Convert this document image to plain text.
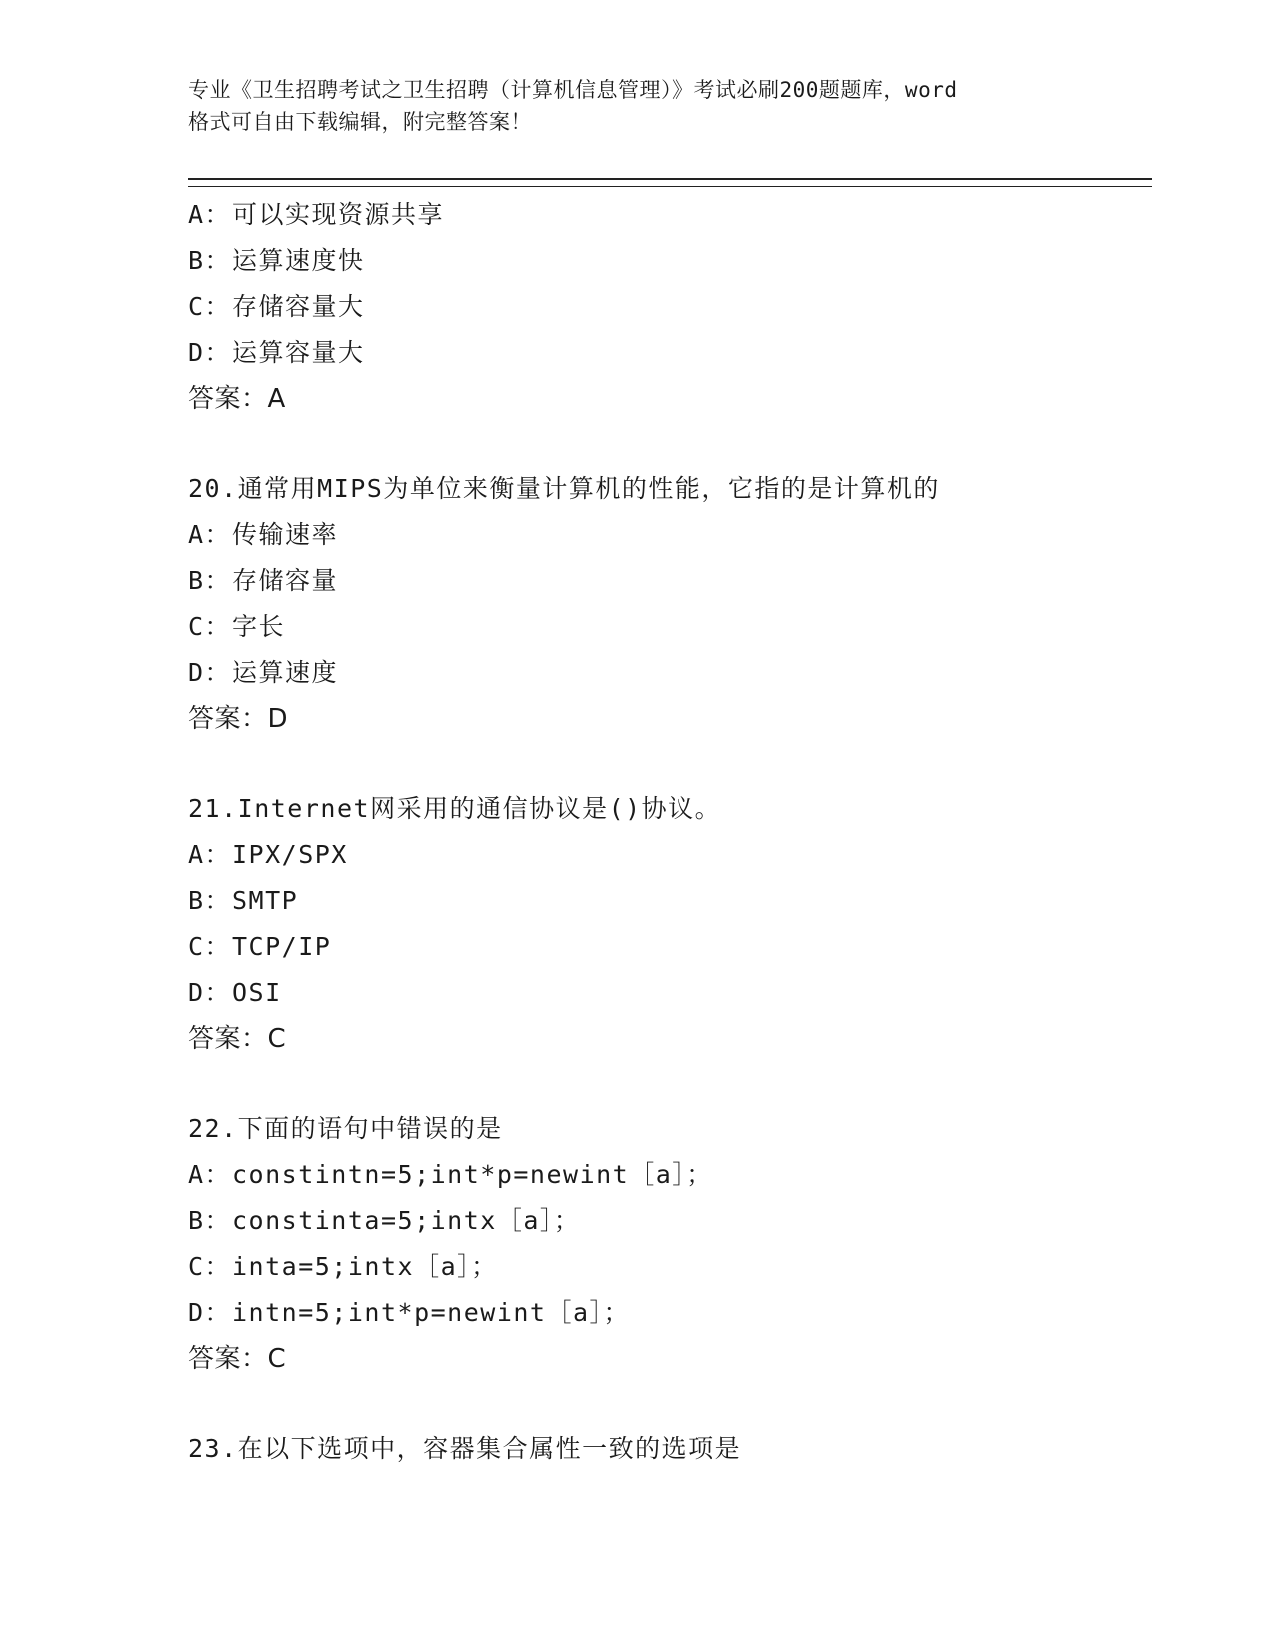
专业《卫生招聘考试之卫生招聘（计算机信息管理）》考试必刷200题题库，word
格式可自由下载编辑，附完整答案！
A：可以实现资源共享
B：运算速度快
C：存储容量大
D：运算容量大
答案：A
20.通常用MIPS为单位来衡量计算机的性能，它指的是计算机的
A：传输速率
B：存储容量
C：字长
D：运算速度
答案：D
21.Internet网采用的通信协议是()协议。
A：IPX/SPX
B：SMTP
C：TCP/IP
D：OSI
答案：C
22.下面的语句中错误的是
A：constintn=5;int*p=newint［a］；
B：constinta=5;intx［a］；
C：inta=5;intx［a］；
D：intn=5;int*p=newint［a］；
答案：C
23.在以下选项中，容器集合属性一致的选项是
